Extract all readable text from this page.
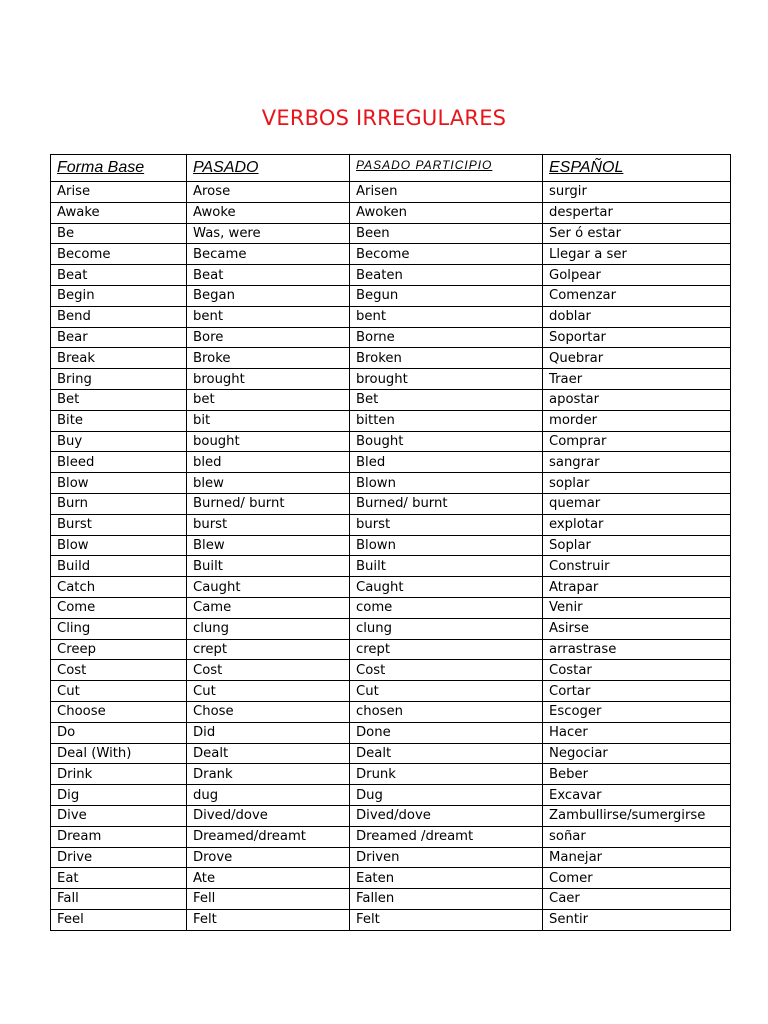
VERBOS IRREGULARES
Forma Base	PASADO	PASADO PARTICIPIO	ESPAÑOL
Arise	Arose	Arisen	surgir
Awake	Awoke	Awoken	despertar
Be	Was, were	Been	Ser ó estar
Become	Became	Become	Llegar a ser
Beat	Beat	Beaten	Golpear
Begin	Began	Begun	Comenzar
Bend	bent	bent	doblar
Bear	Bore	Borne	Soportar
Break	Broke	Broken	Quebrar
Bring	brought	brought	Traer
Bet	bet	Bet	apostar
Bite	bit	bitten	morder
Buy	bought	Bought	Comprar
Bleed	bled	Bled	sangrar
Blow	blew	Blown	soplar
Burn	Burned/ burnt	Burned/ burnt	quemar
Burst	burst	burst	explotar
Blow	Blew	Blown	Soplar
Build	Built	Built	Construir
Catch	Caught	Caught	Atrapar
Come	Came	come	Venir
Cling	clung	clung	Asirse
Creep	crept	crept	arrastrase
Cost	Cost	Cost	Costar
Cut	Cut	Cut	Cortar
Choose	Chose	chosen	Escoger
Do	Did	Done	Hacer
Deal (With)	Dealt	Dealt	Negociar
Drink	Drank	Drunk	Beber
Dig	dug	Dug	Excavar
Dive	Dived/dove	Dived/dove	Zambullirse/sumergirse
Dream	Dreamed/dreamt	Dreamed /dreamt	soñar
Drive	Drove	Driven	Manejar
Eat	Ate	Eaten	Comer
Fall	Fell	Fallen	Caer
Feel	Felt	Felt	Sentir
